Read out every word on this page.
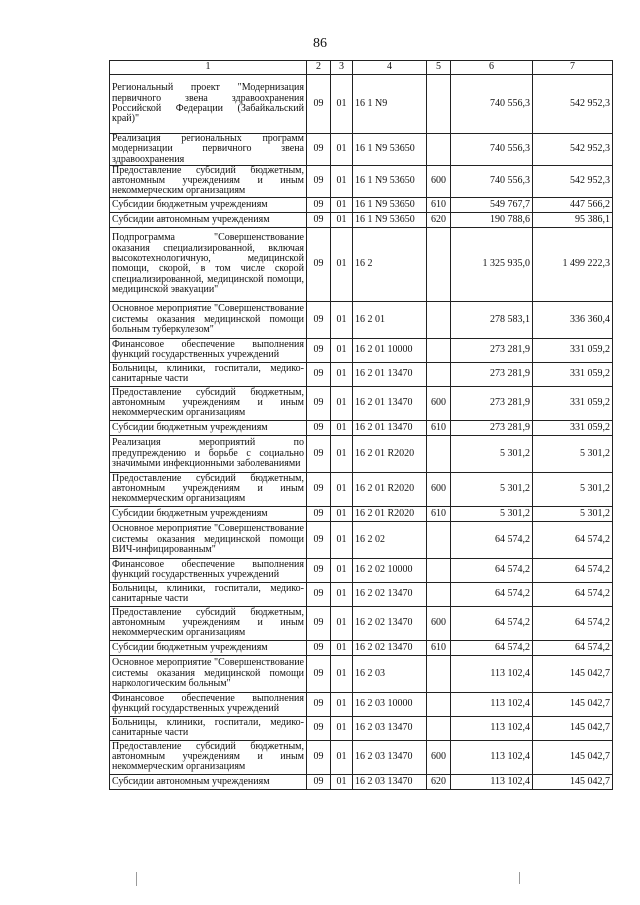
86
1	2	3	4	5	6	7
Региональный проект "Модернизация первичного звена здравоохранения Российской Федерации (Забайкальский край)"	09	01	16 1 N9		740 556,3	542 952,3
Реализация региональных программ модернизации первичного звена здравоохранения	09	01	16 1 N9 53650		740 556,3	542 952,3
Предоставление субсидий бюджетным, автономным учреждениям и иным некоммерческим организациям	09	01	16 1 N9 53650	600	740 556,3	542 952,3
Субсидии бюджетным учреждениям	09	01	16 1 N9 53650	610	549 767,7	447 566,2
Субсидии автономным учреждениям	09	01	16 1 N9 53650	620	190 788,6	95 386,1
Подпрограмма "Совершенствование оказания специализированной, включая высокотехнологичную, медицинской помощи, скорой, в том числе скорой специализированной, медицинской помощи, медицинской эвакуации"	09	01	16 2		1 325 935,0	1 499 222,3
Основное мероприятие "Совершенствование системы оказания медицинской помощи больным туберкулезом"	09	01	16 2 01		278 583,1	336 360,4
Финансовое обеспечение выполнения функций государственных учреждений	09	01	16 2 01 10000		273 281,9	331 059,2
Больницы, клиники, госпитали, медико-санитарные части	09	01	16 2 01 13470		273 281,9	331 059,2
Предоставление субсидий бюджетным, автономным учреждениям и иным некоммерческим организациям	09	01	16 2 01 13470	600	273 281,9	331 059,2
Субсидии бюджетным учреждениям	09	01	16 2 01 13470	610	273 281,9	331 059,2
Реализация мероприятий по предупреждению и борьбе с социально значимыми инфекционными заболеваниями	09	01	16 2 01 R2020		5 301,2	5 301,2
Предоставление субсидий бюджетным, автономным учреждениям и иным некоммерческим организациям	09	01	16 2 01 R2020	600	5 301,2	5 301,2
Субсидии бюджетным учреждениям	09	01	16 2 01 R2020	610	5 301,2	5 301,2
Основное мероприятие "Совершенствование системы оказания медицинской помощи ВИЧ-инфицированным"	09	01	16 2 02		64 574,2	64 574,2
Финансовое обеспечение выполнения функций государственных учреждений	09	01	16 2 02 10000		64 574,2	64 574,2
Больницы, клиники, госпитали, медико-санитарные части	09	01	16 2 02 13470		64 574,2	64 574,2
Предоставление субсидий бюджетным, автономным учреждениям и иным некоммерческим организациям	09	01	16 2 02 13470	600	64 574,2	64 574,2
Субсидии бюджетным учреждениям	09	01	16 2 02 13470	610	64 574,2	64 574,2
Основное мероприятие "Совершенствование системы оказания медицинской помощи наркологическим больным"	09	01	16 2 03		113 102,4	145 042,7
Финансовое обеспечение выполнения функций государственных учреждений	09	01	16 2 03 10000		113 102,4	145 042,7
Больницы, клиники, госпитали, медико-санитарные части	09	01	16 2 03 13470		113 102,4	145 042,7
Предоставление субсидий бюджетным, автономным учреждениям и иным некоммерческим организациям	09	01	16 2 03 13470	600	113 102,4	145 042,7
Субсидии автономным учреждениям	09	01	16 2 03 13470	620	113 102,4	145 042,7
